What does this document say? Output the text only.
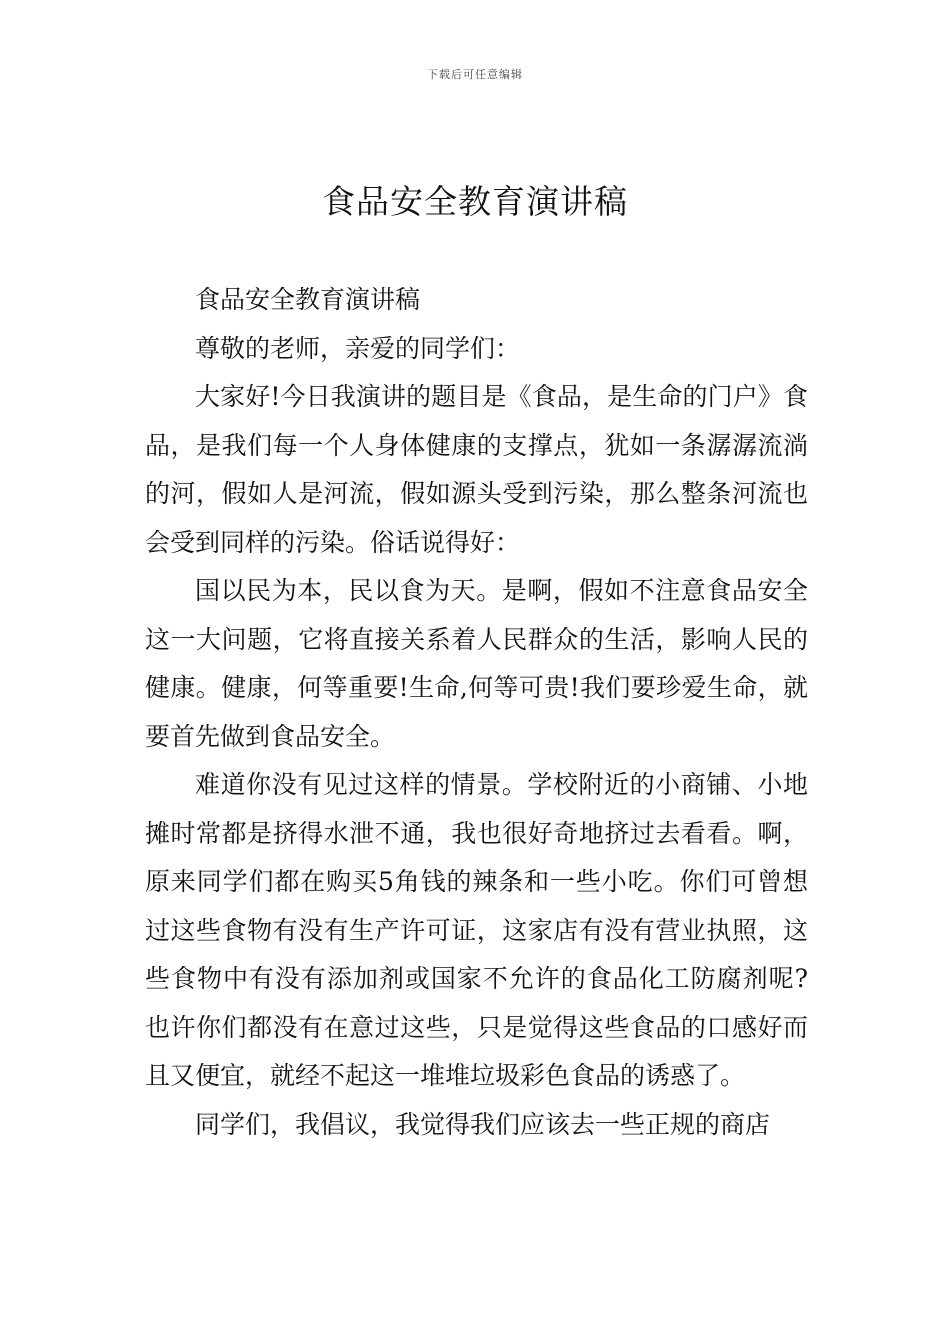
下载后可任意编辑
食品安全教育演讲稿

食品安全教育演讲稿

尊敬的老师，亲爱的同学们：

大家好!今日我演讲的题目是《食品，是生命的门户》食品，是我们每一个人身体健康的支撑点，犹如一条潺潺流淌的河，假如人是河流，假如源头受到污染，那么整条河流也会受到同样的污染。俗话说得好：

国以民为本，民以食为天。是啊，假如不注意食品安全这一大问题，它将直接关系着人民群众的生活，影响人民的健康。健康，何等重要!生命,何等可贵!我们要珍爱生命，就要首先做到食品安全。

难道你没有见过这样的情景。学校附近的小商铺、小地摊时常都是挤得水泄不通，我也很好奇地挤过去看看。啊，原来同学们都在购买5角钱的辣条和一些小吃。你们可曾想过这些食物有没有生产许可证，这家店有没有营业执照，这些食物中有没有添加剂或国家不允许的食品化工防腐剂呢?也许你们都没有在意过这些，只是觉得这些食品的口感好而且又便宜，就经不起这一堆堆垃圾彩色食品的诱惑了。

同学们，我倡议，我觉得我们应该去一些正规的商店
